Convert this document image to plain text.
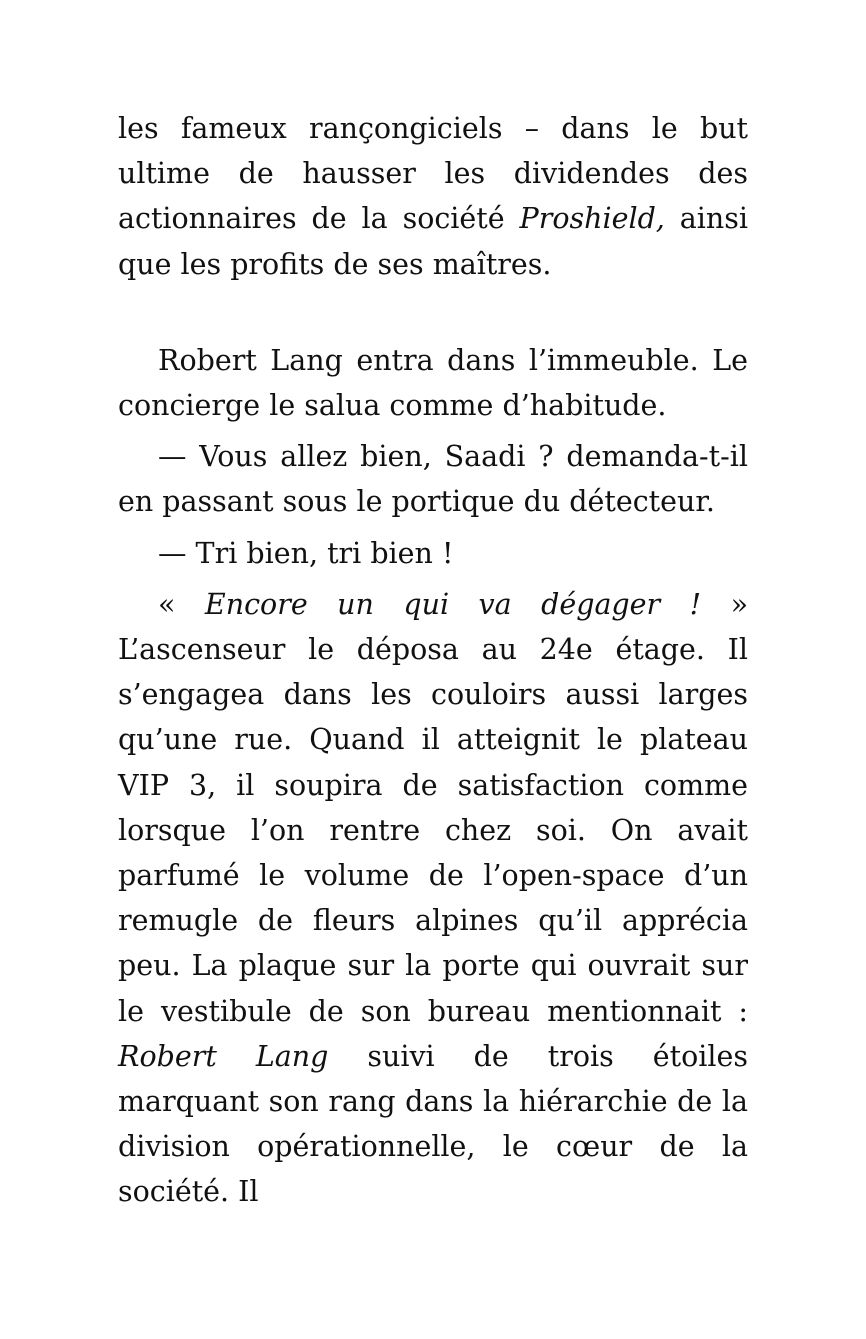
les fameux rançongiciels – dans le but ultime de hausser les dividendes des actionnaires de la société Proshield, ainsi que les profits de ses maîtres.

Robert Lang entra dans l’immeuble. Le concierge le salua comme d’habitude.

— Vous allez bien, Saadi ? demanda-t-il en passant sous le portique du détecteur.

— Tri bien, tri bien !

« Encore un qui va dégager ! » L’ascenseur le déposa au 24e étage. Il s’engagea dans les couloirs aussi larges qu’une rue. Quand il atteignit le plateau VIP 3, il soupira de satisfaction comme lorsque l’on rentre chez soi. On avait parfumé le volume de l’open-space d’un remugle de fleurs alpines qu’il apprécia peu. La plaque sur la porte qui ouvrait sur le vestibule de son bureau mentionnait : Robert Lang suivi de trois étoiles marquant son rang dans la hiérarchie de la division opérationnelle, le cœur de la société. Il
